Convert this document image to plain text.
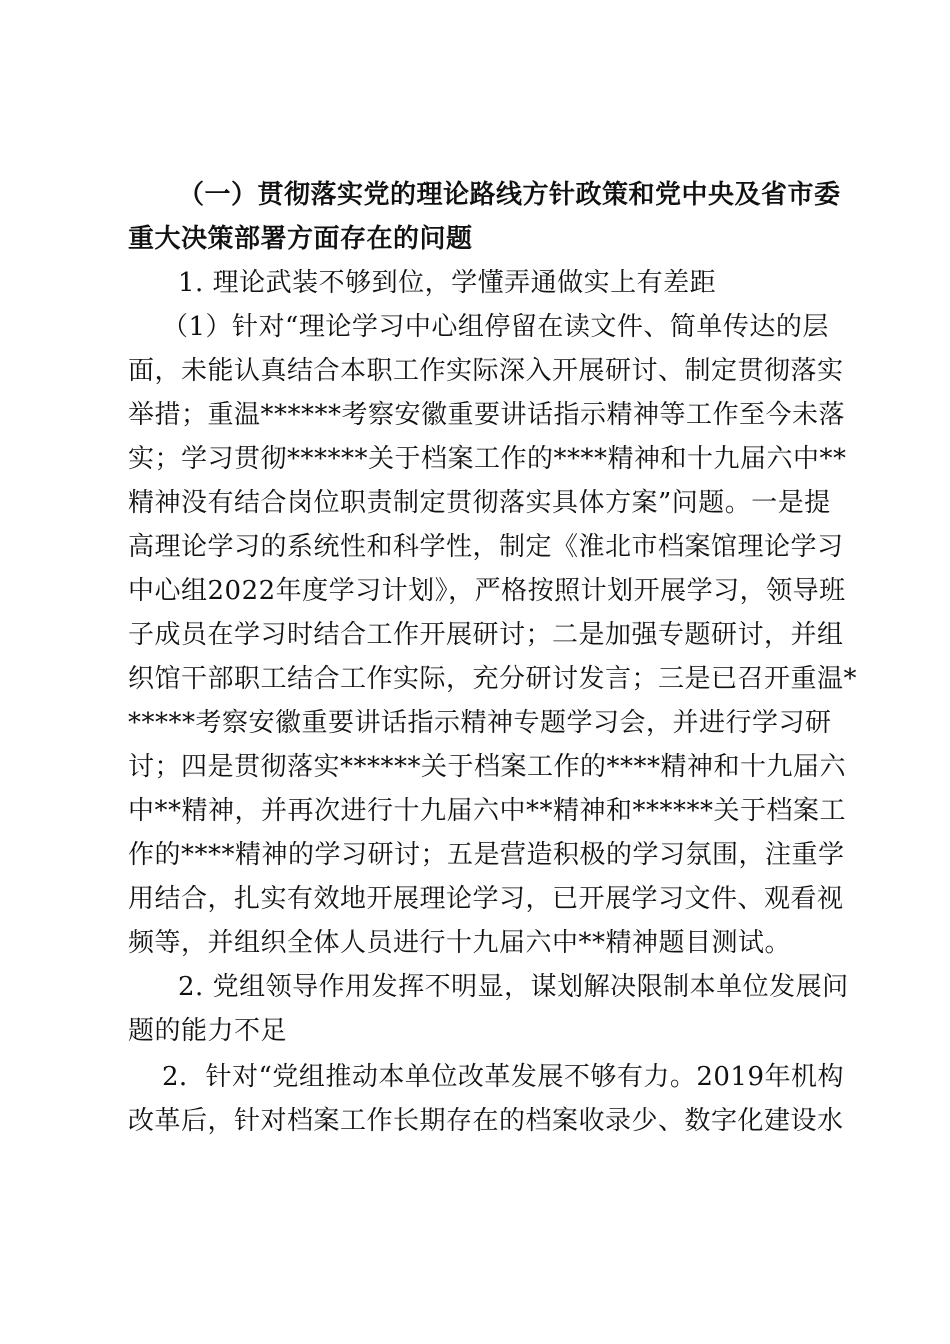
（一）贯彻落实党的理论路线方针政策和党中央及省市委
重大决策部署方面存在的问题
1. 理论武装不够到位，学懂弄通做实上有差距
（1）针对“理论学习中心组停留在读文件、简单传达的层
面，未能认真结合本职工作实际深入开展研讨、制定贯彻落实
举措；重温******考察安徽重要讲话指示精神等工作至今未落
实；学习贯彻******关于档案工作的****精神和十九届六中**
精神没有结合岗位职责制定贯彻落实具体方案”问题。一是提
高理论学习的系统性和科学性，制定《淮北市档案馆理论学习
中心组2022年度学习计划》，严格按照计划开展学习，领导班
子成员在学习时结合工作开展研讨；二是加强专题研讨，并组
织馆干部职工结合工作实际，充分研讨发言；三是已召开重温*
*****考察安徽重要讲话指示精神专题学习会，并进行学习研
讨；四是贯彻落实******关于档案工作的****精神和十九届六
中**精神，并再次进行十九届六中**精神和******关于档案工
作的****精神的学习研讨；五是营造积极的学习氛围，注重学
用结合，扎实有效地开展理论学习，已开展学习文件、观看视
频等，并组织全体人员进行十九届六中**精神题目测试。
2. 党组领导作用发挥不明显，谋划解决限制本单位发展问
题的能力不足
2．针对“党组推动本单位改革发展不够有力。2019年机构
改革后，针对档案工作长期存在的档案收录少、数字化建设水
